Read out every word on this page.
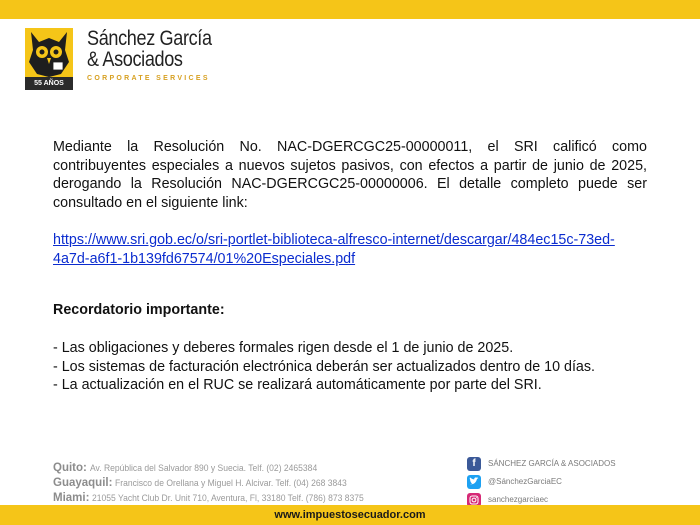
55 AÑOS
Sánchez García
& Asociados
CORPORATE SERVICES

Mediante la Resolución No. NAC-DGERCGC25-00000011, el SRI calificó como contribuyentes especiales a nuevos sujetos pasivos, con efectos a partir de junio de 2025, derogando la Resolución NAC-DGERCGC25-00000006. El detalle completo puede ser consultado en el siguiente link:

https://www.sri.gob.ec/o/sri-portlet-biblioteca-alfresco-internet/descargar/484ec15c-73ed-
4a7d-a6f1-1b139fd67574/01%20Especiales.pdf
Recordatorio importante:
- Las obligaciones y deberes formales rigen desde el 1 de junio de 2025.
- Los sistemas de facturación electrónica deberán ser actualizados dentro de 10 días.
- La actualización en el RUC se realizará automáticamente por parte del SRI.
Quito: Av. República del Salvador 890 y Suecia. Telf. (02) 2465384
Guayaquil: Francisco de Orellana y Miguel H. Alcivar. Telf. (04) 268 3843
Miami: 21055 Yacht Club Dr. Unit 710, Aventura, Fl, 33180 Telf. (786) 873 8375
f	SÁNCHEZ GARCÍA & ASOCIADOS
@SánchezGarciaEC
sanchezgarciaec
www.impuestosecuador.com
